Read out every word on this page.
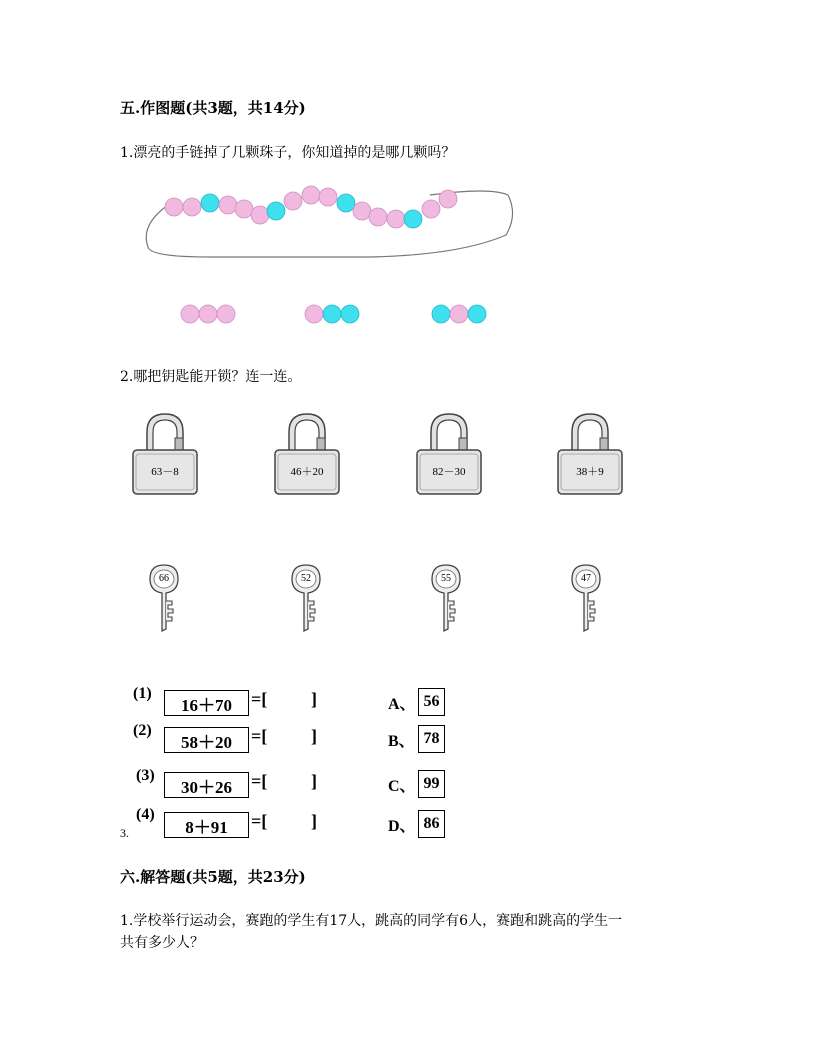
五.作图题(共3题，共14分)
1.漂亮的手链掉了几颗珠子，你知道掉的是哪几颗吗？
2.哪把钥匙能开锁？连一连。
63－8	46＋20	82－30	38＋9
66	52	55	47
(1)
16＋70	=[ ]	A、 56
(2)
58＋20	=[ ]	B、 78
(3)
30＋26	=[ ]	C、 99
(4)
8＋91	=[ ]	D、 86
3.
六.解答题(共5题，共23分)
1.学校举行运动会，赛跑的学生有17人，跳高的同学有6人，赛跑和跳高的学生一
共有多少人？
